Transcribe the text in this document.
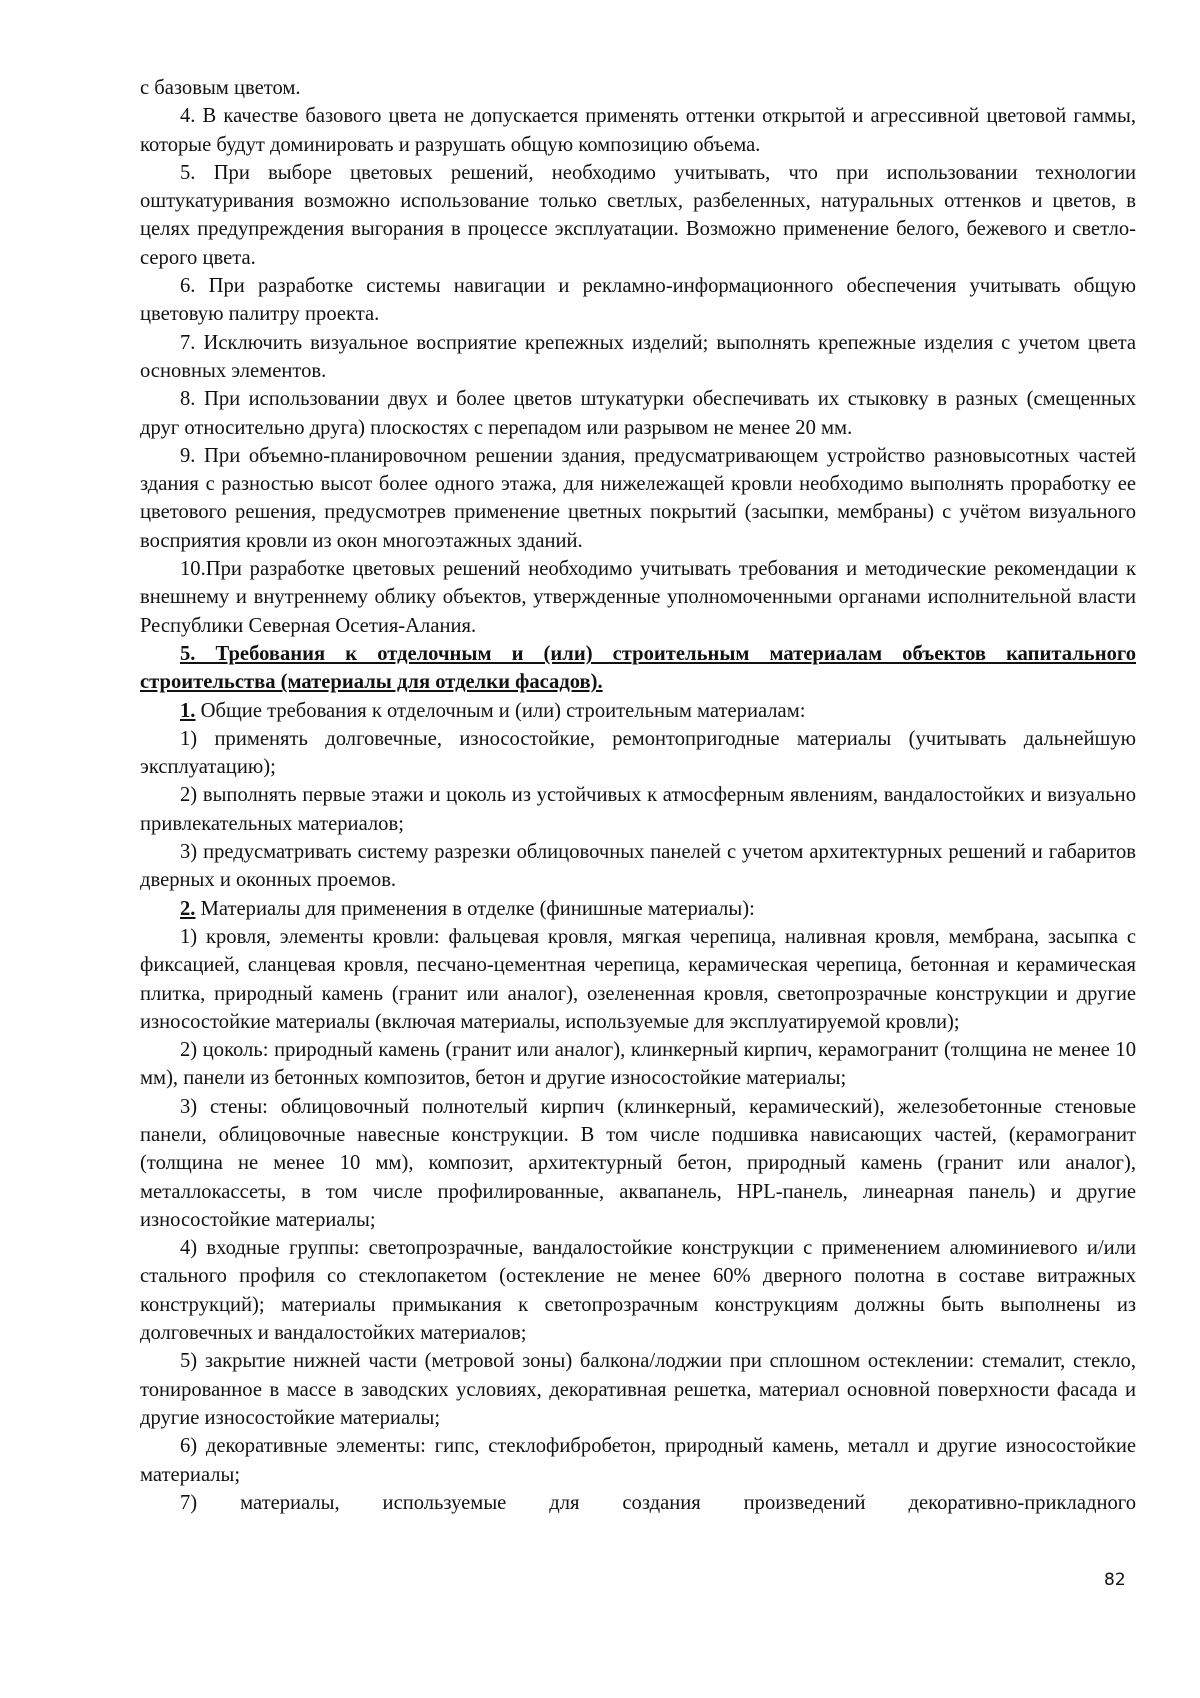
с базовым цветом.

4. В качестве базового цвета не допускается применять оттенки открытой и агрессивной цветовой гаммы, которые будут доминировать и разрушать общую композицию объема.

5. При выборе цветовых решений, необходимо учитывать, что при использовании технологии оштукатуривания возможно использование только светлых, разбеленных, натуральных оттенков и цветов, в целях предупреждения выгорания в процессе эксплуатации. Возможно применение белого, бежевого и светло-серого цвета.

6. При разработке системы навигации и рекламно-информационного обеспечения учитывать общую цветовую палитру проекта.

7. Исключить визуальное восприятие крепежных изделий; выполнять крепежные изделия с учетом цвета основных элементов.

8. При использовании двух и более цветов штукатурки обеспечивать их стыковку в разных (смещенных друг относительно друга) плоскостях с перепадом или разрывом не менее 20 мм.

9. При объемно-планировочном решении здания, предусматривающем устройство разновысотных частей здания с разностью высот более одного этажа, для нижележащей кровли необходимо выполнять проработку ее цветового решения, предусмотрев применение цветных покрытий (засыпки, мембраны) с учётом визуального восприятия кровли из окон многоэтажных зданий.

10.При разработке цветовых решений необходимо учитывать требования и методические рекомендации к внешнему и внутреннему облику объектов, утвержденные уполномоченными органами исполнительной власти Республики Северная Осетия-Алания.

5. Требования к отделочным и (или) строительным материалам объектов капитального строительства (материалы для отделки фасадов).

1. Общие требования к отделочным и (или) строительным материалам:

1) применять долговечные, износостойкие, ремонтопригодные материалы (учитывать дальнейшую эксплуатацию);

2) выполнять первые этажи и цоколь из устойчивых к атмосферным явлениям, вандалостойких и визуально привлекательных материалов;

3) предусматривать систему разрезки облицовочных панелей с учетом архитектурных решений и габаритов дверных и оконных проемов.

2. Материалы для применения в отделке (финишные материалы):

1) кровля, элементы кровли: фальцевая кровля, мягкая черепица, наливная кровля, мембрана, засыпка с фиксацией, сланцевая кровля, песчано-цементная черепица, керамическая черепица, бетонная и керамическая плитка, природный камень (гранит или аналог), озелененная кровля, светопрозрачные конструкции и другие износостойкие материалы (включая материалы, используемые для эксплуатируемой кровли);

2) цоколь: природный камень (гранит или аналог), клинкерный кирпич, керамогранит (толщина не менее 10 мм), панели из бетонных композитов, бетон и другие износостойкие материалы;

3) стены: облицовочный полнотелый кирпич (клинкерный, керамический), железобетонные стеновые панели, облицовочные навесные конструкции. В том числе подшивка нависающих частей, (керамогранит (толщина не менее 10 мм), композит, архитектурный бетон, природный камень (гранит или аналог), металлокассеты, в том числе профилированные, аквапанель, HPL-панель, линеарная панель) и другие износостойкие материалы;

4) входные группы: светопрозрачные, вандалостойкие конструкции с применением алюминиевого и/или стального профиля со стеклопакетом (остекление не менее 60% дверного полотна в составе витражных конструкций); материалы примыкания к светопрозрачным конструкциям должны быть выполнены из долговечных и вандалостойких материалов;

5) закрытие нижней части (метровой зоны) балкона/лоджии при сплошном остеклении: стемалит, стекло, тонированное в массе в заводских условиях, декоративная решетка, материал основной поверхности фасада и другие износостойкие материалы;

6) декоративные элементы: гипс, стеклофибробетон, природный камень, металл и другие износостойкие материалы;

7) материалы, используемые для создания произведений декоративно-прикладного

82
